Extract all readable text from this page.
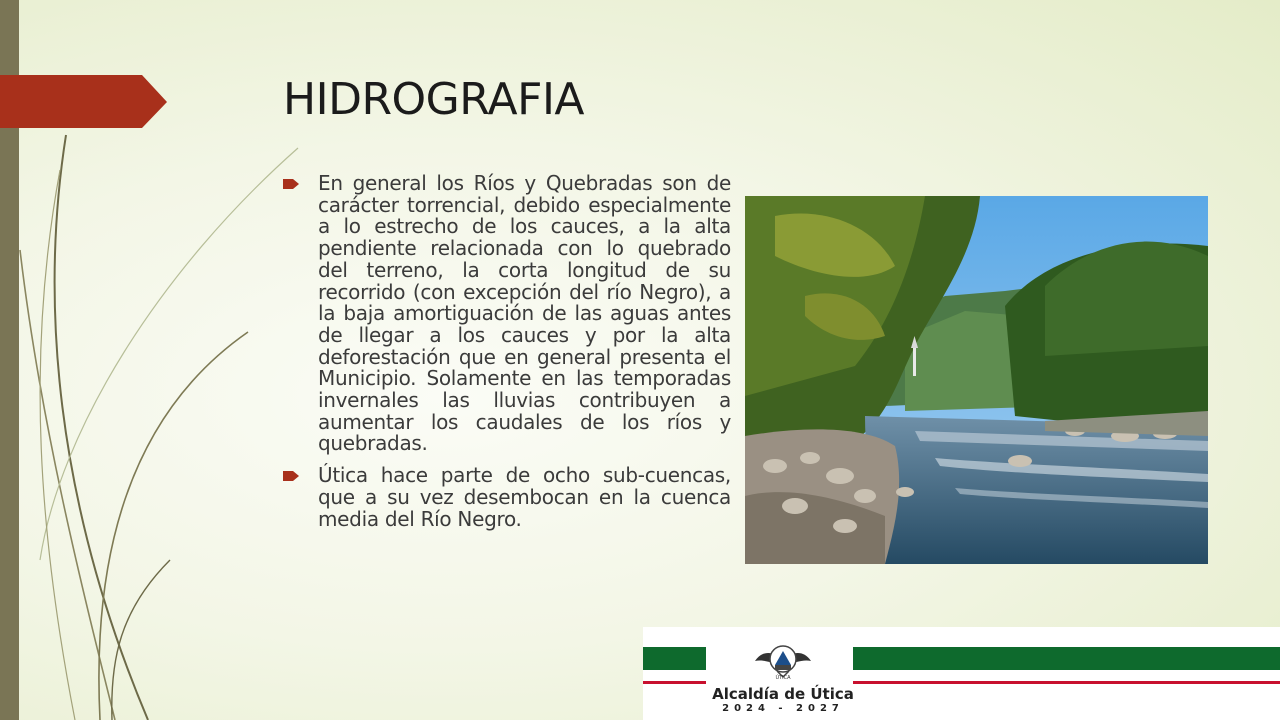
HIDROGRAFIA

En general los Ríos y Quebradas son de carácter torrencial, debido especialmente a lo estrecho de los cauces, a la alta pendiente relacionada con lo quebrado del terreno, la corta longitud de su recorrido (con excepción del río Negro), a la baja amortiguación de las aguas antes de llegar a los cauces y por la alta deforestación que en general presenta el Municipio. Solamente en las temporadas invernales las lluvias contribuyen a aumentar los caudales de los ríos y quebradas.

Útica hace parte de ocho sub-cuencas, que a su vez desembocan en la cuenca media del Río Negro.

ÚTICA
Alcaldía de Útica
2024 - 2027
